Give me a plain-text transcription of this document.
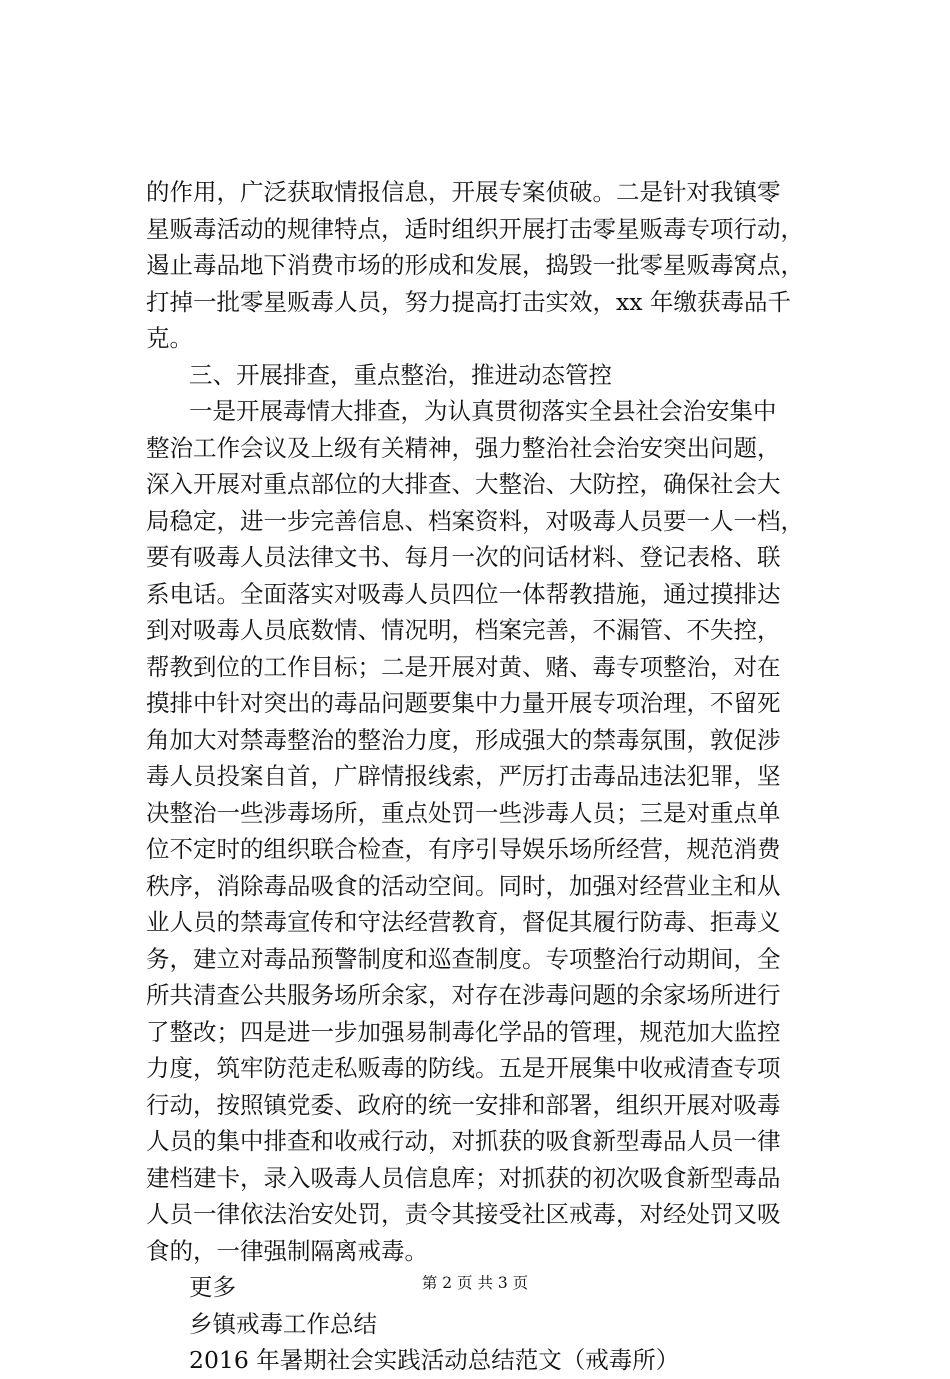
的作用，广泛获取情报信息，开展专案侦破。二是针对我镇零
星贩毒活动的规律特点，适时组织开展打击零星贩毒专项行动，
遏止毒品地下消费市场的形成和发展，捣毁一批零星贩毒窝点，
打掉一批零星贩毒人员，努力提高打击实效，xx 年缴获毒品千
克。
三、开展排查，重点整治，推进动态管控
一是开展毒情大排查，为认真贯彻落实全县社会治安集中
整治工作会议及上级有关精神，强力整治社会治安突出问题，
深入开展对重点部位的大排查、大整治、大防控，确保社会大
局稳定，进一步完善信息、档案资料，对吸毒人员要一人一档，
要有吸毒人员法律文书、每月一次的问话材料、登记表格、联
系电话。全面落实对吸毒人员四位一体帮教措施，通过摸排达
到对吸毒人员底数情、情况明，档案完善，不漏管、不失控，
帮教到位的工作目标；二是开展对黄、赌、毒专项整治，对在
摸排中针对突出的毒品问题要集中力量开展专项治理，不留死
角加大对禁毒整治的整治力度，形成强大的禁毒氛围，敦促涉
毒人员投案自首，广辟情报线索，严厉打击毒品违法犯罪，坚
决整治一些涉毒场所，重点处罚一些涉毒人员；三是对重点单
位不定时的组织联合检查，有序引导娱乐场所经营，规范消费
秩序，消除毒品吸食的活动空间。同时，加强对经营业主和从
业人员的禁毒宣传和守法经营教育，督促其履行防毒、拒毒义
务，建立对毒品预警制度和巡查制度。专项整治行动期间，全
所共清查公共服务场所余家，对存在涉毒问题的余家场所进行
了整改；四是进一步加强易制毒化学品的管理，规范加大监控
力度，筑牢防范走私贩毒的防线。五是开展集中收戒清查专项
行动，按照镇党委、政府的统一安排和部署，组织开展对吸毒
人员的集中排查和收戒行动，对抓获的吸食新型毒品人员一律
建档建卡，录入吸毒人员信息库；对抓获的初次吸食新型毒品
人员一律依法治安处罚，责令其接受社区戒毒，对经处罚又吸
食的，一律强制隔离戒毒。
更多
乡镇戒毒工作总结
2016 年暑期社会实践活动总结范文（戒毒所）
第 2 页 共 3 页
